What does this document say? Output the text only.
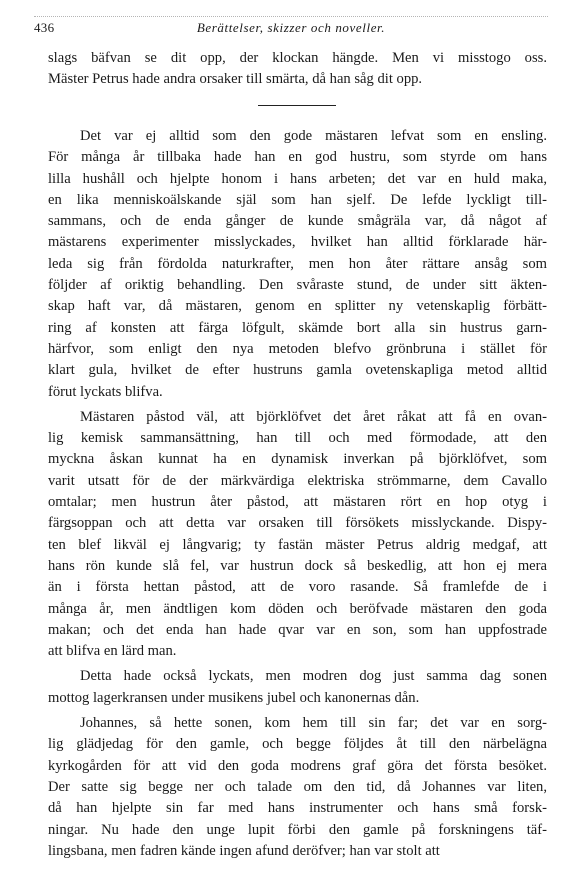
436	Berättelser, skizzer och noveller.
slags bäfvan se dit opp, der klockan hängde. Men vi misstogo oss.
Mäster Petrus hade andra orsaker till smärta, då han såg dit opp.

Det var ej alltid som den gode mästaren lefvat som en ensling.
För många år tillbaka hade han en god hustru, som styrde om hans
lilla hushåll och hjelpte honom i hans arbeten; det var en huld maka,
en lika menniskoälskande själ som han sjelf. De lefde lyckligt till-
sammans, och de enda gånger de kunde smågräla var, då något af
mästarens experimenter misslyckades, hvilket han alltid förklarade här-
leda sig från fördolda naturkrafter, men hon åter rättare ansåg som
följder af oriktig behandling. Den svåraste stund, de under sitt äkten-
skap haft var, då mästaren, genom en splitter ny vetenskaplig förbätt-
ring af konsten att färga löfgult, skämde bort alla sin hustrus garn-
härfvor, som enligt den nya metoden blefvo grönbruna i stället för
klart gula, hvilket de efter hustruns gamla ovetenskapliga metod alltid
förut lyckats blifva.

Mästaren påstod väl, att björklöfvet det året råkat att få en ovan-
lig kemisk sammansättning, han till och med förmodade, att den
myckna åskan kunnat ha en dynamisk inverkan på björklöfvet, som
varit utsatt för de der märkvärdiga elektriska strömmarne, dem Cavallo
omtalar; men hustrun åter påstod, att mästaren rört en hop otyg i
färgsoppan och att detta var orsaken till försökets misslyckande. Dispy-
ten blef likväl ej långvarig; ty fastän mäster Petrus aldrig medgaf, att
hans rön kunde slå fel, var hustrun dock så beskedlig, att hon ej mera
än i första hettan påstod, att de voro rasande. Så framlefde de i
många år, men ändtligen kom döden och beröfvade mästaren den goda
makan; och det enda han hade qvar var en son, som han uppfostrade
att blifva en lärd man.

Detta hade också lyckats, men modren dog just samma dag sonen
mottog lagerkransen under musikens jubel och kanonernas dån.

Johannes, så hette sonen, kom hem till sin far; det var en sorg-
lig glädjedag för den gamle, och begge följdes åt till den närbelägna
kyrkogården för att vid den goda modrens graf göra det första besöket.
Der satte sig begge ner och talade om den tid, då Johannes var liten,
då han hjelpte sin far med hans instrumenter och hans små forsk-
ningar. Nu hade den unge lupit förbi den gamle på forskningens täf-
lingsbana, men fadren kände ingen afund deröfver; han var stolt att
